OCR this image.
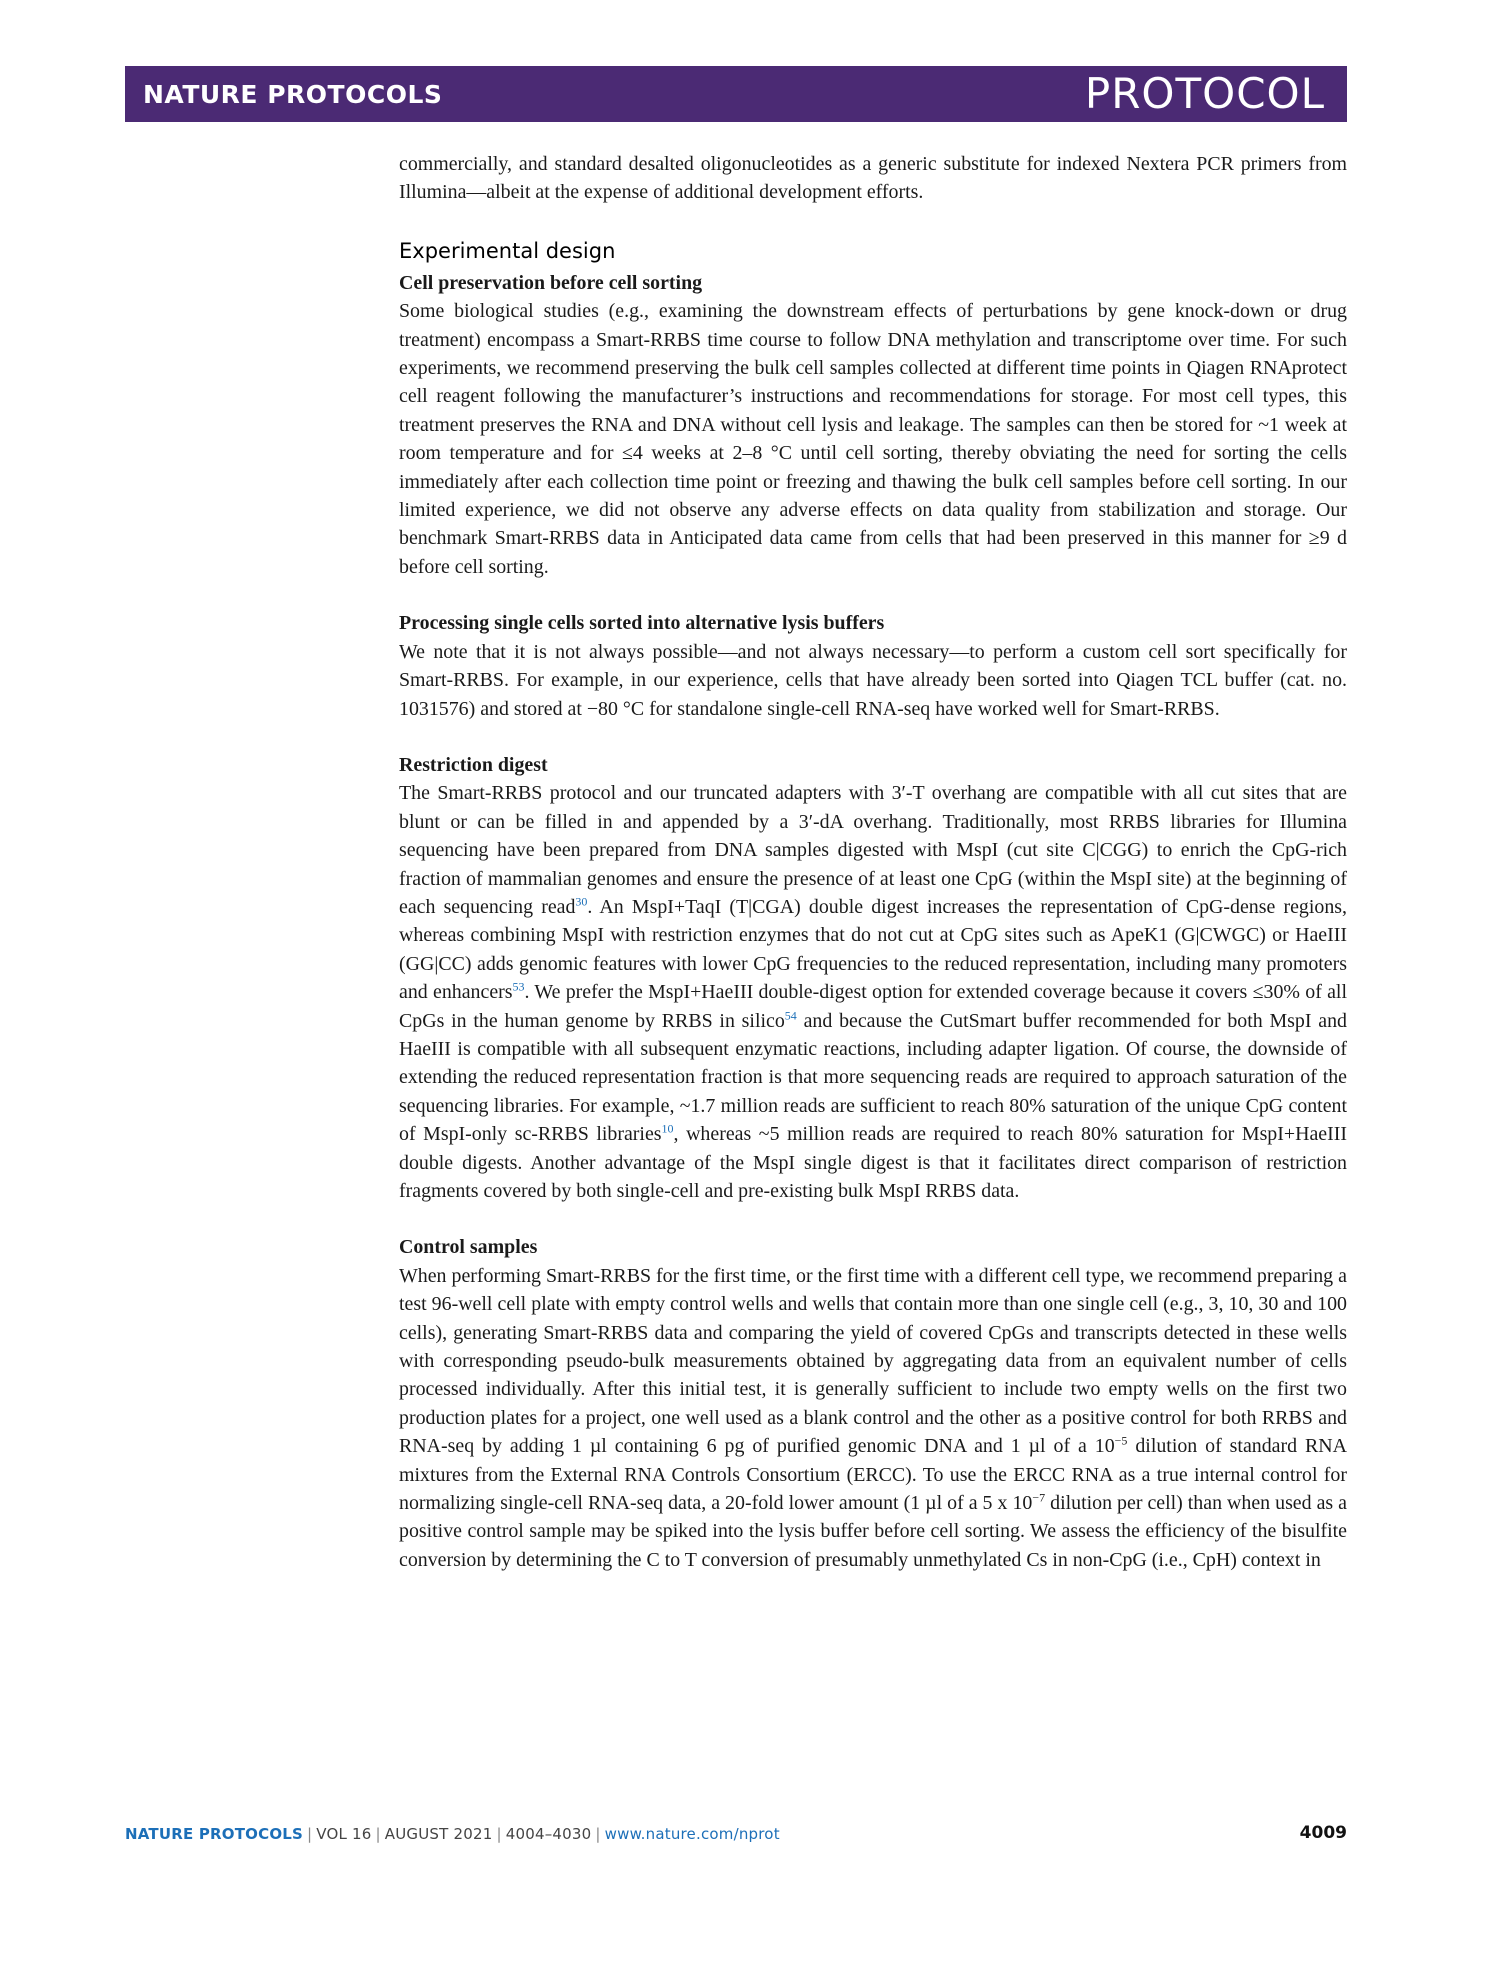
NATURE PROTOCOLS	PROTOCOL

commercially, and standard desalted oligonucleotides as a generic substitute for indexed Nextera PCR primers from Illumina—albeit at the expense of additional development efforts.

Experimental design
Cell preservation before cell sorting

Some biological studies (e.g., examining the downstream effects of perturbations by gene knock-down or drug treatment) encompass a Smart-RRBS time course to follow DNA methylation and transcriptome over time. For such experiments, we recommend preserving the bulk cell samples collected at different time points in Qiagen RNAprotect cell reagent following the manufacturer’s instructions and recommendations for storage. For most cell types, this treatment preserves the RNA and DNA without cell lysis and leakage. The samples can then be stored for ~1 week at room temperature and for ≤4 weeks at 2–8 °C until cell sorting, thereby obviating the need for sorting the cells immediately after each collection time point or freezing and thawing the bulk cell samples before cell sorting. In our limited experience, we did not observe any adverse effects on data quality from stabilization and storage. Our benchmark Smart-RRBS data in Anticipated data came from cells that had been preserved in this manner for ≥9 d before cell sorting.

Processing single cells sorted into alternative lysis buffers

We note that it is not always possible—and not always necessary—to perform a custom cell sort specifically for Smart-RRBS. For example, in our experience, cells that have already been sorted into Qiagen TCL buffer (cat. no. 1031576) and stored at −80 °C for standalone single-cell RNA-seq have worked well for Smart-RRBS.

Restriction digest

The Smart-RRBS protocol and our truncated adapters with 3′-T overhang are compatible with all cut sites that are blunt or can be filled in and appended by a 3′-dA overhang. Traditionally, most RRBS libraries for Illumina sequencing have been prepared from DNA samples digested with MspI (cut site C|CGG) to enrich the CpG-rich fraction of mammalian genomes and ensure the presence of at least one CpG (within the MspI site) at the beginning of each sequencing read$^{30}$. An MspI+TaqI (T|CGA) double digest increases the representation of CpG-dense regions, whereas combining MspI with restriction enzymes that do not cut at CpG sites such as ApeK1 (G|CWGC) or HaeIII (GG|CC) adds genomic features with lower CpG frequencies to the reduced representation, including many promoters and enhancers$^{53}$. We prefer the MspI+HaeIII double-digest option for extended coverage because it covers ≤30% of all CpGs in the human genome by RRBS in silico$^{54}$ and because the CutSmart buffer recommended for both MspI and HaeIII is compatible with all subsequent enzymatic reactions, including adapter ligation. Of course, the downside of extending the reduced representation fraction is that more sequencing reads are required to approach saturation of the sequencing libraries. For example, ~1.7 million reads are sufficient to reach 80% saturation of the unique CpG content of MspI-only sc-RRBS libraries$^{10}$, whereas ~5 million reads are required to reach 80% saturation for MspI+HaeIII double digests. Another advantage of the MspI single digest is that it facilitates direct comparison of restriction fragments covered by both single-cell and pre-existing bulk MspI RRBS data.

Control samples

When performing Smart-RRBS for the first time, or the first time with a different cell type, we recommend preparing a test 96-well cell plate with empty control wells and wells that contain more than one single cell (e.g., 3, 10, 30 and 100 cells), generating Smart-RRBS data and comparing the yield of covered CpGs and transcripts detected in these wells with corresponding pseudo-bulk measurements obtained by aggregating data from an equivalent number of cells processed individually. After this initial test, it is generally sufficient to include two empty wells on the first two production plates for a project, one well used as a blank control and the other as a positive control for both RRBS and RNA-seq by adding 1 µl containing 6 pg of purified genomic DNA and 1 µl of a $10^{-5}$ dilution of standard RNA mixtures from the External RNA Controls Consortium (ERCC). To use the ERCC RNA as a true internal control for normalizing single-cell RNA-seq data, a 20-fold lower amount (1 µl of a 5 x $10^{-7}$ dilution per cell) than when used as a positive control sample may be spiked into the lysis buffer before cell sorting. We assess the efficiency of the bisulfite conversion by determining the C to T conversion of presumably unmethylated Cs in non-CpG (i.e., CpH) context in

NATURE PROTOCOLS | VOL 16 | AUGUST 2021 | 4004–4030 | www.nature.com/nprot	4009
